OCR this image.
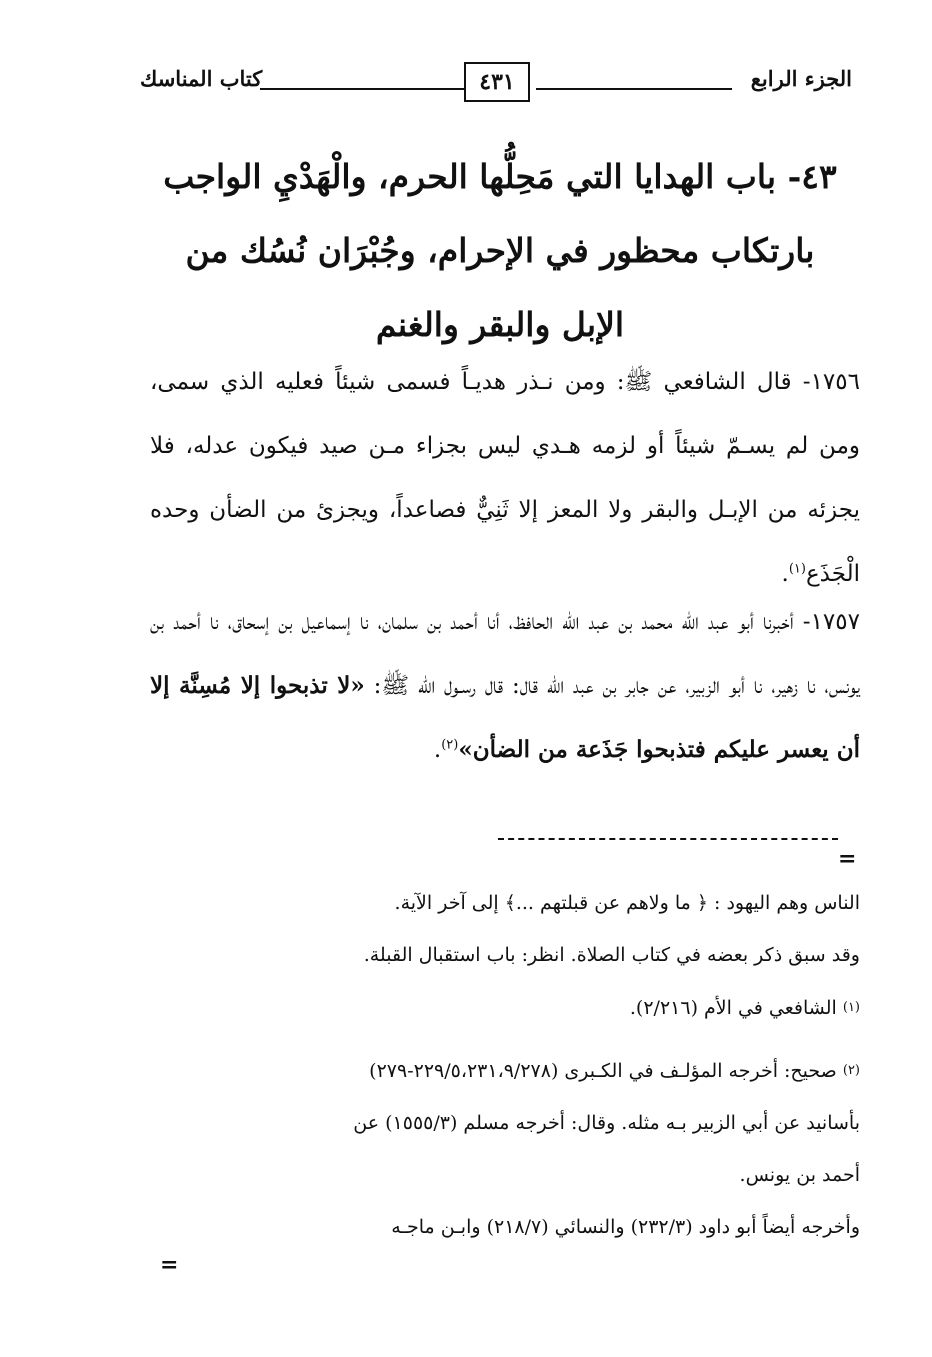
الجزء الرابع
٤٣١
كتاب المناسك
٤٣- باب الهدايا التي مَحِلُّها الحرم، والْهَدْيِ الواجب بارتكاب محظور في الإحرام، وجُبْرَان نُسُك من الإبل والبقر والغنم
١٧٥٦- قال الشافعي ﷺ: ومن نـذر هديـاً فسمى شيئاً فعليه الذي سمى، ومن لم يسـمّ شيئاً أو لزمه هـدي ليس بجزاء مـن صيد فيكون عدله، فلا يجزئه من الإبـل والبقر ولا المعز إلا ثَنِيٌّ فصاعداً، ويجزئ من الضأن وحده الْجَذَع$^{(١)}$.
١٧٥٧- أخبرنا أبو عبد الله محمد بن عبد الله الحافظ، أنا أحمد بن سلمان، نا إسماعيل بن إسحاق، نا أحمد بن يونس، نا زهير، نا أبو الزبير، عن جابر بن عبد الله قال: قال رسـول الله ﷺ: «لا تذبحوا إلا مُسِنَّة إلا أن يعسر عليكم فتذبحوا جَذَعة من الضأن»$^{(٢)}$.
=
الناس وهم اليهود : ﴿ ما ولاهم عن قبلتهم ...﴾ إلى آخر الآية.
وقد سبق ذكر بعضه في كتاب الصلاة. انظر: باب استقبال القبلة.
$^{(١)}$ الشافعي في الأم (٢/٢١٦).
$^{(٢)}$ صحيح: أخرجه المؤلـف في الكـبرى (٢٢٩/٥،٢٣١،٩/٢٧٨-٢٧٩)
بأسانيد عن أبي الزبير بـه مثله. وقال: أخرجه مسلم (١٥٥٥/٣) عن
أحمد بن يونس.
وأخرجه أيضاً أبو داود (٢٣٢/٣) والنسائي (٢١٨/٧) وابـن ماجـه
=
